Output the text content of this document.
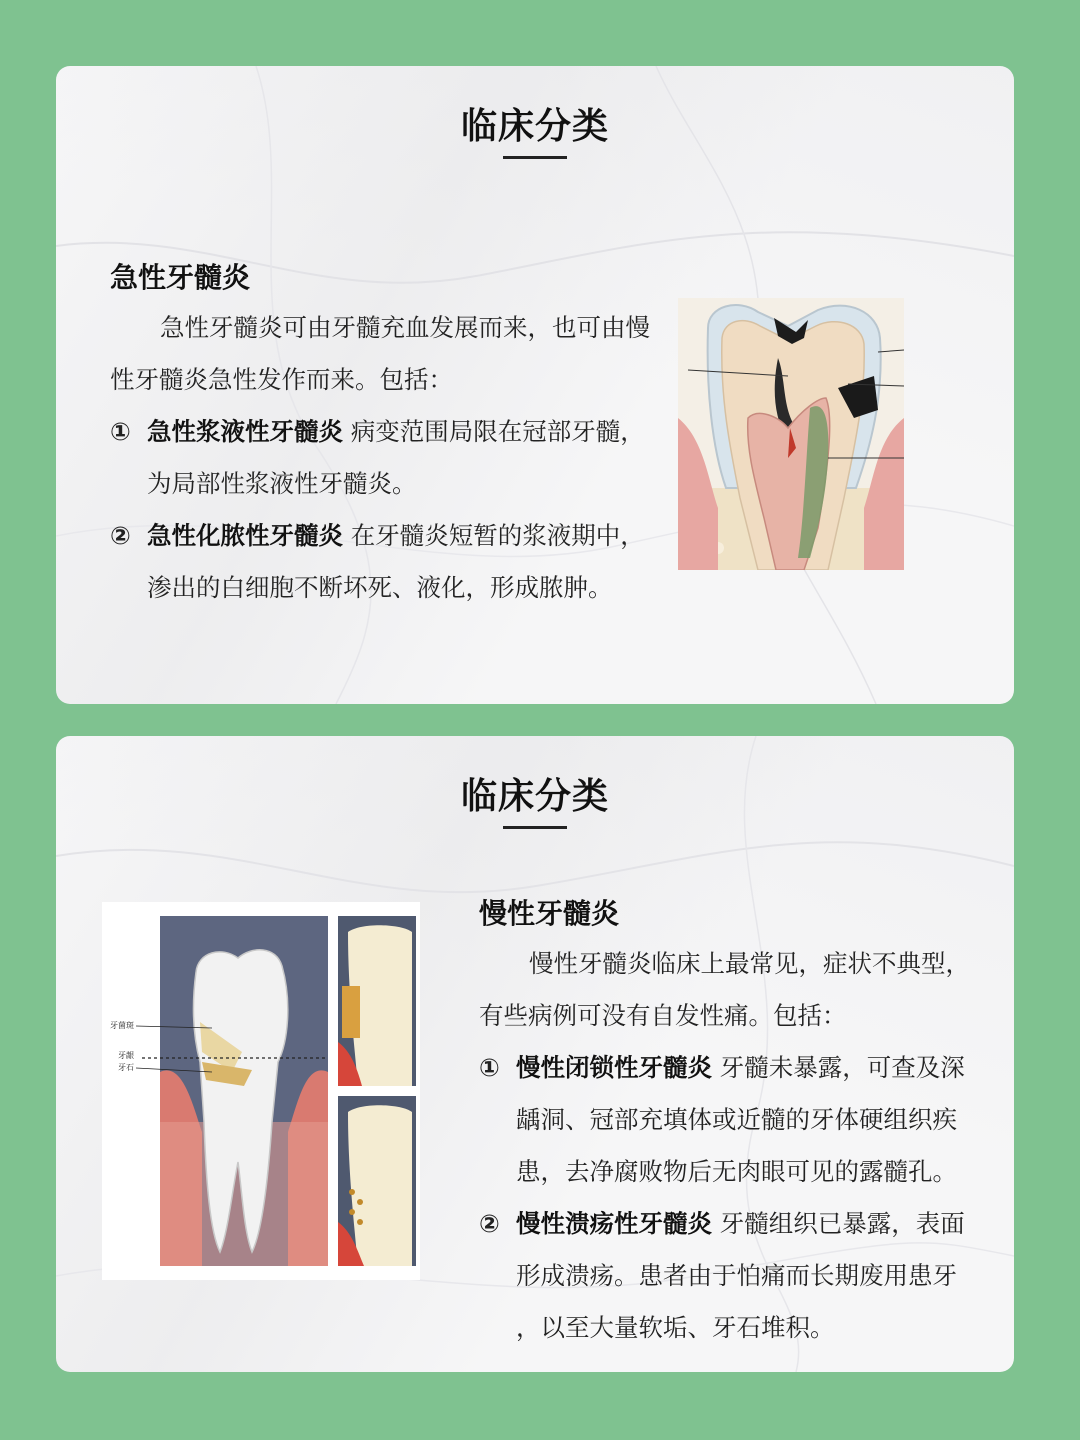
临床分类
急性牙髓炎
急性牙髓炎可由牙髓充血发展而来，也可由慢
性牙髓炎急性发作而来。包括：
① 急性浆液性牙髓炎 病变范围局限在冠部牙髓，
为局部性浆液性牙髓炎。
② 急性化脓性牙髓炎 在牙髓炎短暂的浆液期中，
渗出的白细胞不断坏死、液化，形成脓肿。
临床分类
慢性牙髓炎
慢性牙髓炎临床上最常见，症状不典型，
有些病例可没有自发性痛。包括：
① 慢性闭锁性牙髓炎 牙髓未暴露，可查及深
龋洞、冠部充填体或近髓的牙体硬组织疾
患，去净腐败物后无肉眼可见的露髓孔。
② 慢性溃疡性牙髓炎 牙髓组织已暴露，表面
形成溃疡。患者由于怕痛而长期废用患牙
，以至大量软垢、牙石堆积。
牙菌斑
牙龈
牙石
